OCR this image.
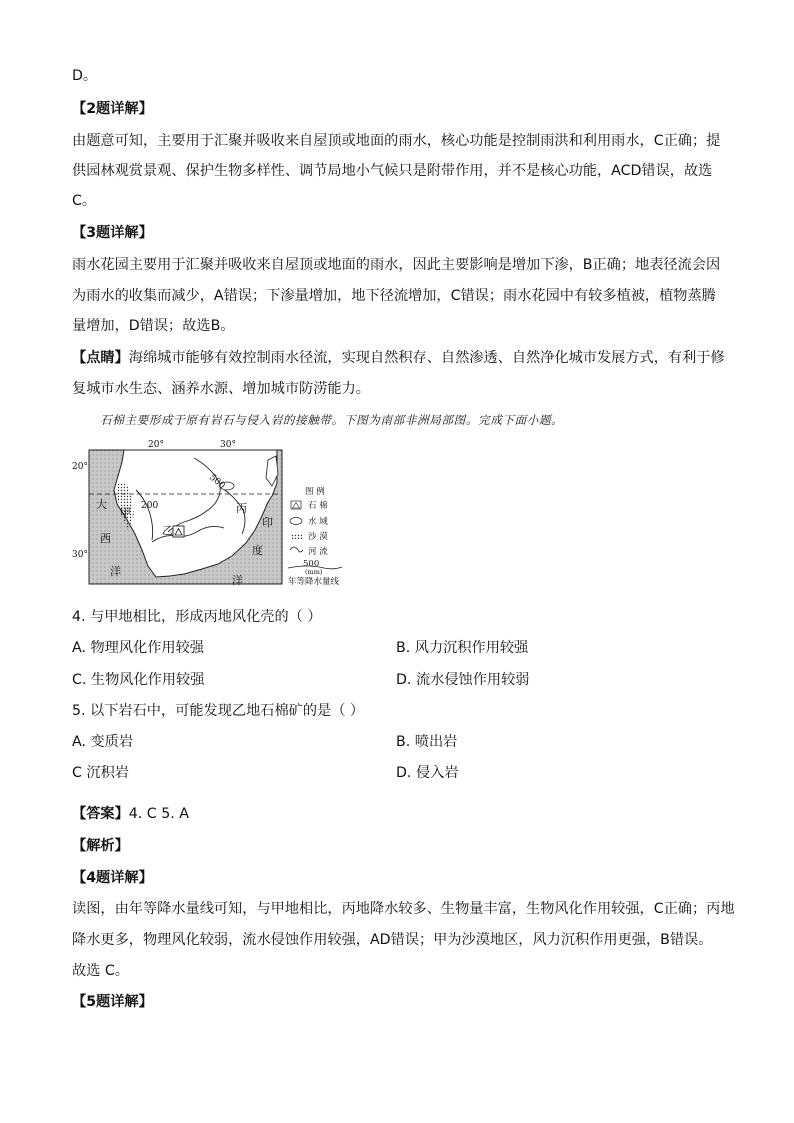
D。
【2题详解】
由题意可知，主要用于汇聚并吸收来自屋顶或地面的雨水，核心功能是控制雨洪和利用雨水，C正确；提
供园林观赏景观、保护生物多样性、调节局地小气候只是附带作用，并不是核心功能，ACD错误，故选
C。
【3题详解】
雨水花园主要用于汇聚并吸收来自屋顶或地面的雨水，因此主要影响是增加下渗，B正确；地表径流会因
为雨水的收集而减少，A错误；下渗量增加，地下径流增加，C错误；雨水花园中有较多植被，植物蒸腾
量增加，D错误；故选B。
【点睛】海绵城市能够有效控制雨水径流，实现自然积存、自然渗透、自然净化城市发展方式，有利于修
复城市水生态、涵养水源、增加城市防涝能力。
石棉主要形成于原有岩石与侵入岩的接触带。下图为南部非洲局部图。完成下面小题。
20°	30°
20°
30°
500
200
甲
乙
丙
大
西
洋
印
度
洋
图 例
石 棉
水 域
沙 漠
河 流
500
(mm)
年等降水量线
4. 与甲地相比，形成丙地风化壳的（ ）
A. 物理风化作用较强	B. 风力沉积作用较强
C. 生物风化作用较强	D. 流水侵蚀作用较弱
5. 以下岩石中，可能发现乙地石棉矿的是（ ）
A. 变质岩	B. 喷出岩
C 沉积岩	D. 侵入岩
【答案】4. C 5. A
【解析】
【4题详解】
读图，由年等降水量线可知，与甲地相比，丙地降水较多、生物量丰富，生物风化作用较强，C正确；丙地
降水更多，物理风化较弱，流水侵蚀作用较强，AD错误；甲为沙漠地区，风力沉积作用更强，B错误。
故选 C。
【5题详解】
